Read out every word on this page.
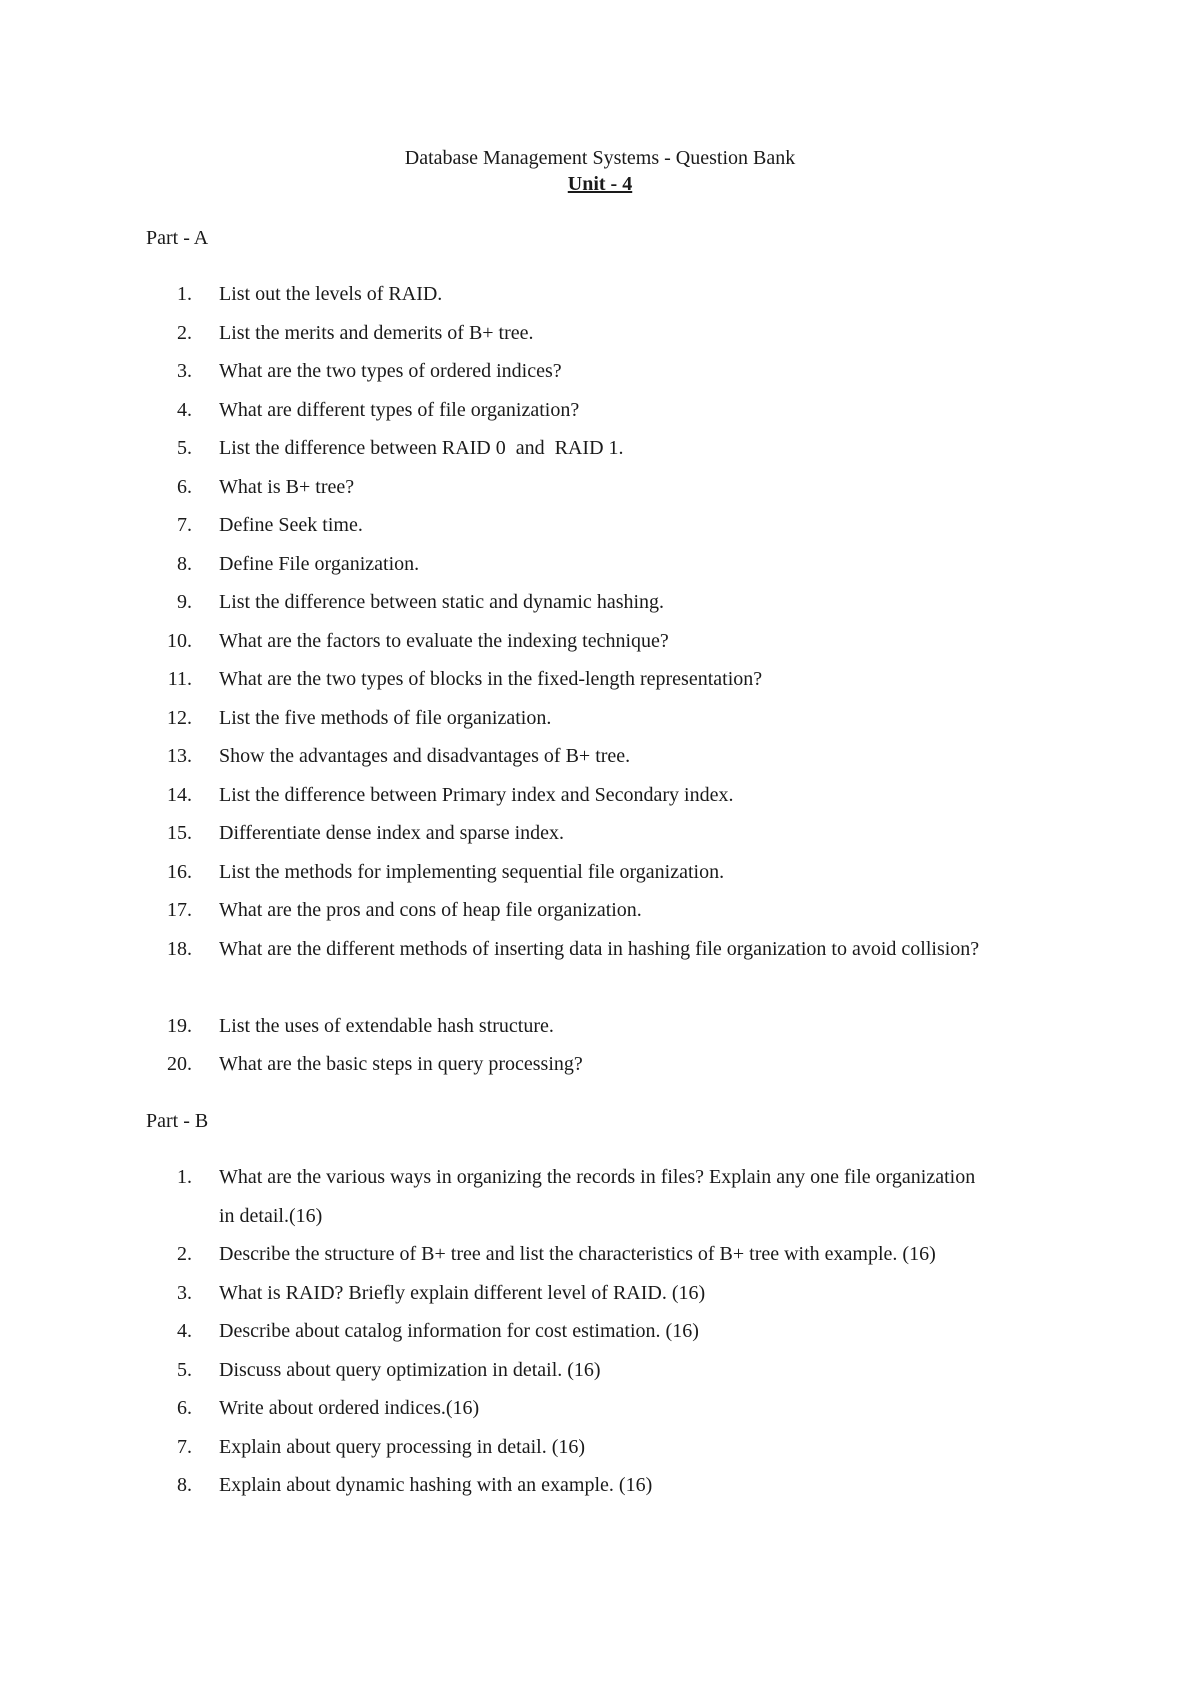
Database Management Systems - Question Bank
Unit - 4
Part - A
1. List out the levels of RAID.
2. List the merits and demerits of B+ tree.
3. What are the two types of ordered indices?
4. What are different types of file organization?
5. List the difference between RAID 0  and  RAID 1.
6. What is B+ tree?
7. Define Seek time.
8. Define File organization.
9. List the difference between static and dynamic hashing.
10. What are the factors to evaluate the indexing technique?
11. What are the two types of blocks in the fixed-length representation?
12. List the five methods of file organization.
13. Show the advantages and disadvantages of B+ tree.
14. List the difference between Primary index and Secondary index.
15. Differentiate dense index and sparse index.
16. List the methods for implementing sequential file organization.
17. What are the pros and cons of heap file organization.
18. What are the different methods of inserting data in hashing file organization to avoid collision?
19. List the uses of extendable hash structure.
20. What are the basic steps in query processing?
Part - B
1. What are the various ways in organizing the records in files? Explain any one file organization in detail.(16)
2. Describe the structure of B+ tree and list the characteristics of B+ tree with example. (16)
3. What is RAID? Briefly explain different level of RAID. (16)
4. Describe about catalog information for cost estimation. (16)
5. Discuss about query optimization in detail. (16)
6. Write about ordered indices.(16)
7. Explain about query processing in detail. (16)
8. Explain about dynamic hashing with an example. (16)
